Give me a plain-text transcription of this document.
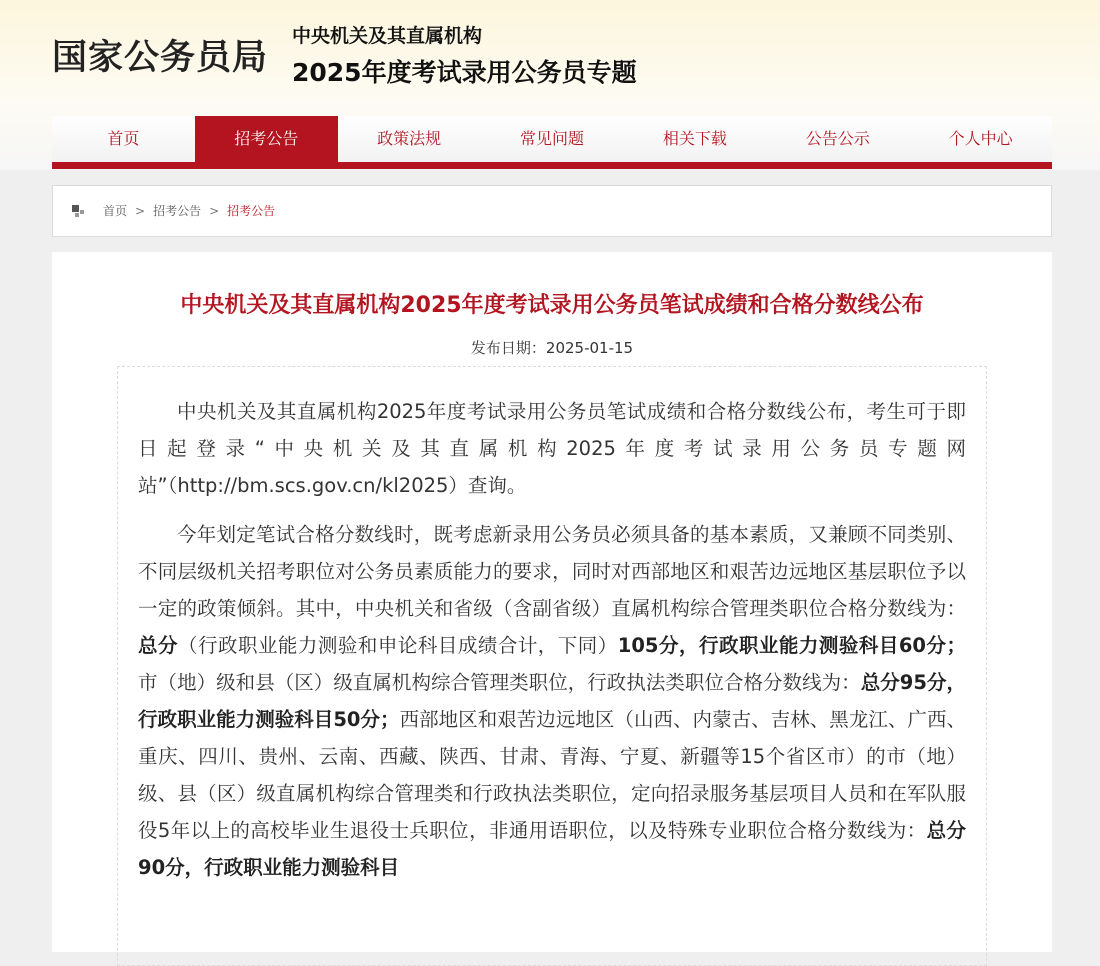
国家公务员局
中央机关及其直属机构
2025年度考试录用公务员专题
首页	招考公告	政策法规	常见问题	相关下载	公告公示	个人中心
首页 > 招考公告 > 招考公告
中央机关及其直属机构2025年度考试录用公务员笔试成绩和合格分数线公布
发布日期：2025-01-15

中央机关及其直属机构2025年度考试录用公务员笔试成绩和合格分数线公布，考生可于即日起登录“中央机关及其直属机构2025年度考试录用公务员专题网站”（http://bm.scs.gov.cn/kl2025）查询。

今年划定笔试合格分数线时，既考虑新录用公务员必须具备的基本素质，又兼顾不同类别、不同层级机关招考职位对公务员素质能力的要求，同时对西部地区和艰苦边远地区基层职位予以一定的政策倾斜。其中，中央机关和省级（含副省级）直属机构综合管理类职位合格分数线为：总分（行政职业能力测验和申论科目成绩合计，下同）105分，行政职业能力测验科目60分；市（地）级和县（区）级直属机构综合管理类职位，行政执法类职位合格分数线为：总分95分，行政职业能力测验科目50分；西部地区和艰苦边远地区（山西、内蒙古、吉林、黑龙江、广西、重庆、四川、贵州、云南、西藏、陕西、甘肃、青海、宁夏、新疆等15个省区市）的市（地）级、县（区）级直属机构综合管理类和行政执法类职位，定向招录服务基层项目人员和在军队服役5年以上的高校毕业生退役士兵职位，非通用语职位，以及特殊专业职位合格分数线为：总分90分，行政职业能力测验科目
